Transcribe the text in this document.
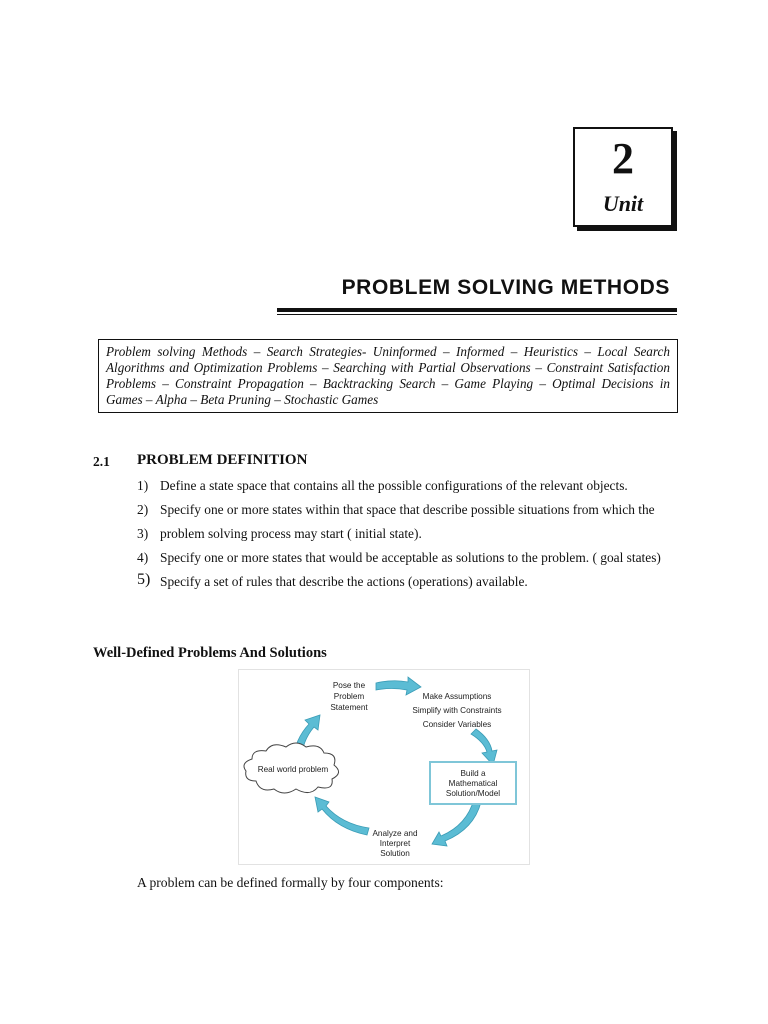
2
Unit
PROBLEM SOLVING METHODS
Problem solving Methods – Search Strategies- Uninformed – Informed – Heuristics – Local Search Algorithms and Optimization Problems – Searching with Partial Observations – Constraint Satisfaction Problems – Constraint Propagation – Backtracking Search – Game Playing – Optimal Decisions in Games – Alpha – Beta Pruning – Stochastic Games
2.1 PROBLEM DEFINITION
1) Define a state space that contains all the possible configurations of the relevant objects.
2) Specify one or more states within that space that describe possible situations from which the
3) problem solving process may start ( initial state).
4) Specify one or more states that would be acceptable as solutions to the problem. ( goal states)
5) Specify a set of rules that describe the actions (operations) available.
Well-Defined Problems And Solutions
Pose the
Problem
Statement
Make Assumptions
Simplify with Constraints
Consider Variables
Build a
Mathematical
Solution/Model
Analyze and
Interpret
Solution
Real world problem
A problem can be defined formally by four components:
